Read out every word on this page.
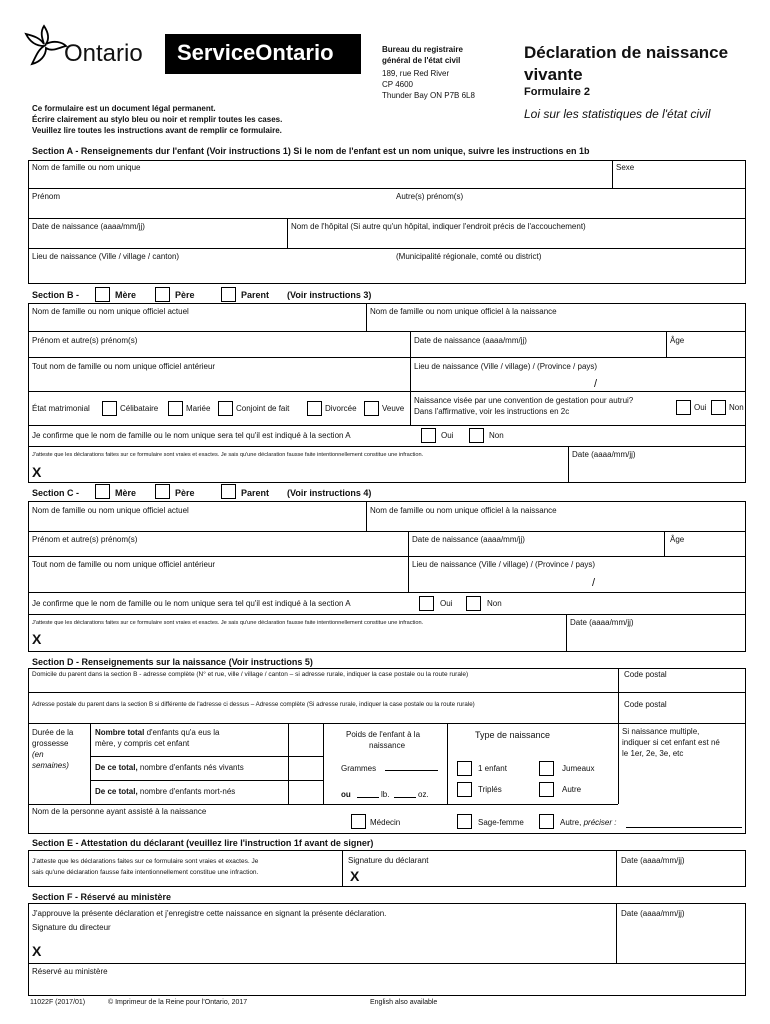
Ontario ServiceOntario	Bureau du registraire général de l'état civil
189, rue Red River
CP 4600
Thunder Bay ON P7B 6L8
Déclaration de naissance vivante
Formulaire 2
Loi sur les statistiques de l'état civil
Ce formulaire est un document légal permanent.
Écrire clairement au stylo bleu ou noir et remplir toutes les cases.
Veuillez lire toutes les instructions avant de remplir ce formulaire.
Section A - Renseignements dur l'enfant (Voir instructions 1) Si le nom de l'enfant est un nom unique, suivre les instructions en 1b
Nom de famille ou nom unique	Sexe
Prénom	Autre(s) prénom(s)
Date de naissance (aaaa/mm/jj)	Nom de l'hôpital (Si autre qu'un hôpital, indiquer l'endroit précis de l'accouchement)
Lieu de naissance (Ville / village / canton)	(Municipalité régionale, comté ou district)
Section B -	Mère	Père	Parent (Voir instructions 3)
Nom de famille ou nom unique officiel actuel	Nom de famille ou nom unique officiel à la naissance
Prénom et autre(s) prénom(s)	Date de naissance (aaaa/mm/jj)	Âge
Tout nom de famille ou nom unique officiel antérieur	Lieu de naissance (Ville / village) / (Province / pays)
/
État matrimonial	Célibataire	Mariée	Conjoint de fait	Divorcée	Veuve
Naissance visée par une convention de gestation pour autrui?
Dans l'affirmative, voir les instructions en 2c	Oui	Non
Je confirme que le nom de famille ou le nom unique sera tel qu'il est indiqué à la section A	Oui	Non
J'atteste que les déclarations faites sur ce formulaire sont vraies et exactes. Je sais qu'une déclaration fausse faite intentionnellement constitue une infraction.
X
Date (aaaa/mm/jj)
Section C -	Mère	Père	Parent (Voir instructions 4)
Nom de famille ou nom unique officiel actuel	Nom de famille ou nom unique officiel à la naissance
Prénom et autre(s) prénom(s)	Date de naissance (aaaa/mm/jj)	Âge
Tout nom de famille ou nom unique officiel antérieur	Lieu de naissance (Ville / village) / (Province / pays)
/
Je confirme que le nom de famille ou le nom unique sera tel qu'il est indiqué à la section A	Oui	Non
J'atteste que les déclarations faites sur ce formulaire sont vraies et exactes. Je sais qu'une déclaration fausse faite intentionnellement constitue une infraction.
X
Date (aaaa/mm/jj)
Section D - Renseignements sur la naissance (Voir instructions 5)
Domicile du parent dans la section B - adresse complète (N° et rue, ville / village / canton – si adresse rurale, indiquer la case postale ou la route rurale)	Code postal
Adresse postale du parent dans la section B si différente de l'adresse ci dessus – Adresse complète (Si adresse rurale, indiquer la case postale ou la route rurale)	Code postal
Durée de la
grossesse
(en
semaines)
Nombre total d'enfants qu'a eus la
mère, y compris cet enfant
De ce total, nombre d'enfants nés vivants
De ce total, nombre d'enfants mort-nés
Poids de l'enfant à la
naissance
Grammes
ou	lb.	oz.
Type de naissance
1 enfant	Jumeaux
Triplés	Autre
Si naissance multiple,
indiquer si cet enfant est né
le 1er, 2e, 3e, etc
Nom de la personne ayant assisté à la naissance
Médecin	Sage-femme	Autre, préciser :
Section E - Attestation du déclarant (veuillez lire l'instruction 1f avant de signer)
J'atteste que les déclarations faites sur ce formulaire sont vraies et exactes. Je
sais qu'une déclaration fausse faite intentionnellement constitue une infraction.
Signature du déclarant
X
Date (aaaa/mm/jj)
Section F - Réservé au ministère
J'approuve la présente déclaration et j'enregistre cette naissance en signant la présente déclaration.
Signature du directeur
X
Date (aaaa/mm/jj)
Réservé au ministère
11022F (2017/01)	© Imprimeur de la Reine pour l'Ontario, 2017	English also available
